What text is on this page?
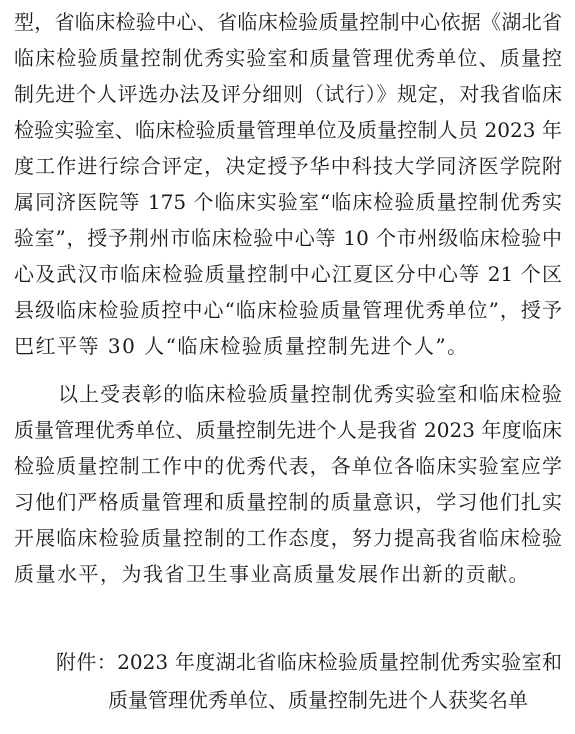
型，省临床检验中心、省临床检验质量控制中心依据《湖北省
临床检验质量控制优秀实验室和质量管理优秀单位、质量控
制先进个人评选办法及评分细则（试行）》规定，对我省临床
检验实验室、临床检验质量管理单位及质量控制人员 2023 年
度工作进行综合评定，决定授予华中科技大学同济医学院附
属同济医院等 175 个临床实验室“临床检验质量控制优秀实
验室”，授予荆州市临床检验中心等 10 个市州级临床检验中
心及武汉市临床检验质量控制中心江夏区分中心等 21 个区
县级临床检验质控中心“临床检验质量管理优秀单位”，授予
巴红平等 30 人“临床检验质量控制先进个人”。
以上受表彰的临床检验质量控制优秀实验室和临床检验
质量管理优秀单位、质量控制先进个人是我省 2023 年度临床
检验质量控制工作中的优秀代表，各单位各临床实验室应学
习他们严格质量管理和质量控制的质量意识，学习他们扎实
开展临床检验质量控制的工作态度，努力提高我省临床检验
质量水平，为我省卫生事业高质量发展作出新的贡献。
附件：2023 年度湖北省临床检验质量控制优秀实验室和
质量管理优秀单位、质量控制先进个人获奖名单
